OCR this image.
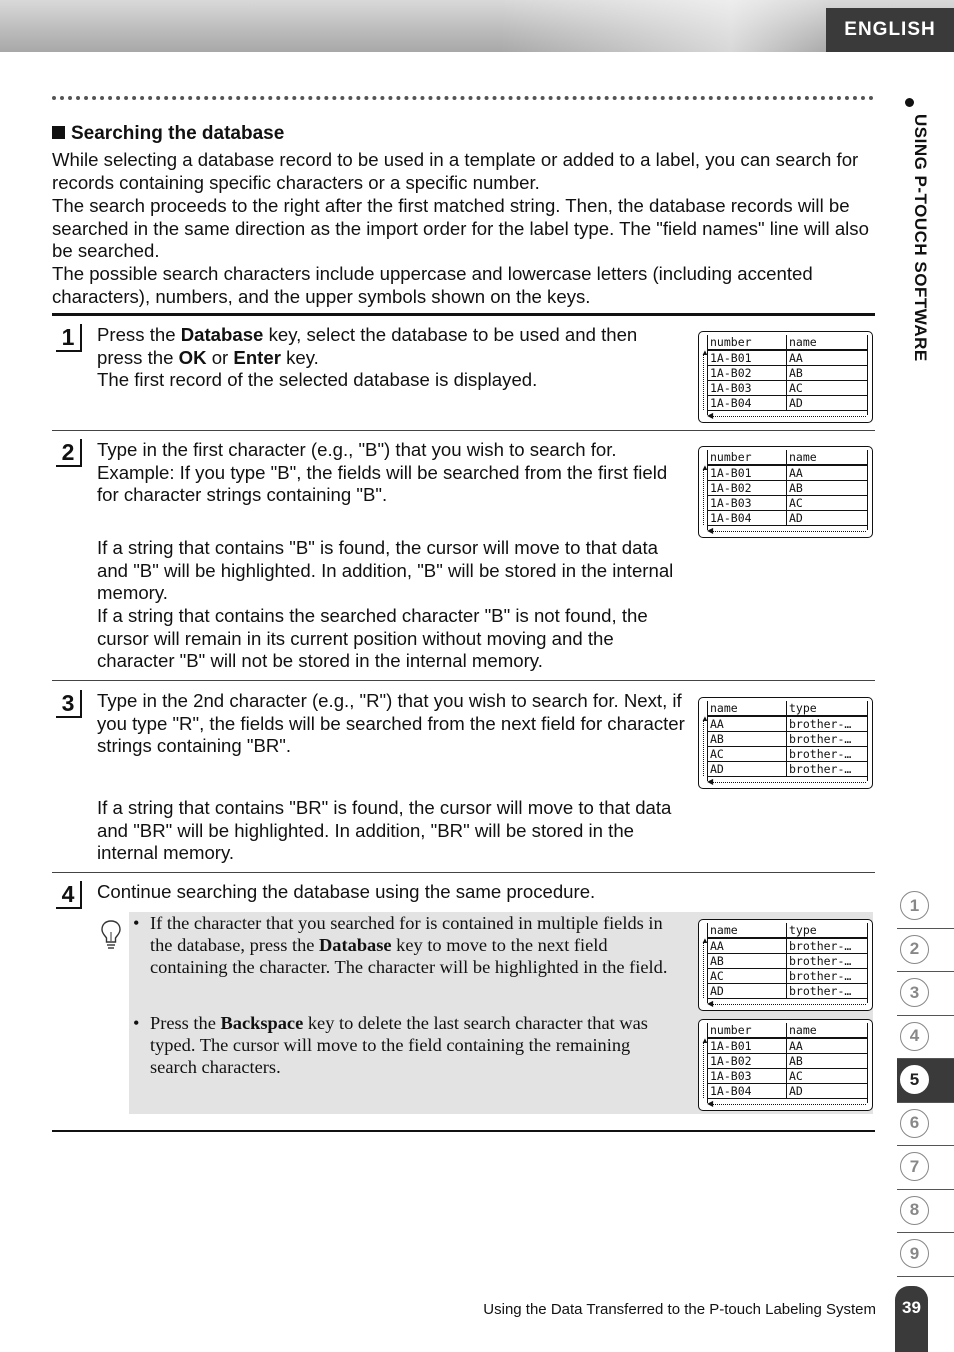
ENGLISH
USING P-TOUCH SOFTWARE
Searching the database
While selecting a database record to be used in a template or added to a label, you can search for records containing specific characters or a specific number.
The search proceeds to the right after the first matched string. Then, the database records will be searched in the same direction as the import order for the label type. The "field names" line will also be searched.
The possible search characters include uppercase and lowercase letters (including accented characters), numbers, and the upper symbols shown on the keys.
1	Press the Database key, select the database to be used and then press the OK or Enter key.
The first record of the selected database is displayed.
▲
◀
number	name
1A-B01	AA
1A-B02	AB
1A-B03	AC
1A-B04	AD
2	Type in the first character (e.g., "B") that you wish to search for. Example: If you type "B", the fields will be searched from the first field for character strings containing "B".
If a string that contains "B" is found, the cursor will move to that data and "B" will be highlighted. In addition, "B" will be stored in the internal memory.
If a string that contains the searched character "B" is not found, the cursor will remain in its current position without moving and the character "B" will not be stored in the internal memory.
▲
◀
number	name
1A-B01	AA
1A-B02	AB
1A-B03	AC
1A-B04	AD
3	Type in the 2nd character (e.g., "R") that you wish to search for. Next, if you type "R", the fields will be searched from the next field for character strings containing "BR".
If a string that contains "BR" is found, the cursor will move to that data and "BR" will be highlighted. In addition, "BR" will be stored in the internal memory.
▲
◀
name	type
AA	brother-…
AB	brother-…
AC	brother-…
AD	brother-…
4	Continue searching the database using the same procedure.
• If the character that you searched for is contained in multiple fields in the database, press the Database key to move to the next field containing the character. The character will be highlighted in the field.
• Press the Backspace key to delete the last search character that was typed. The cursor will move to the field containing the remaining search characters.
▲
◀
name	type
AA	brother-…
AB	brother-…
AC	brother-…
AD	brother-…
▲
◀
number	name
1A-B01	AA
1A-B02	AB
1A-B03	AC
1A-B04	AD
1
2
3
4
5
6
7
8
9
Using the Data Transferred to the P-touch Labeling System	39
